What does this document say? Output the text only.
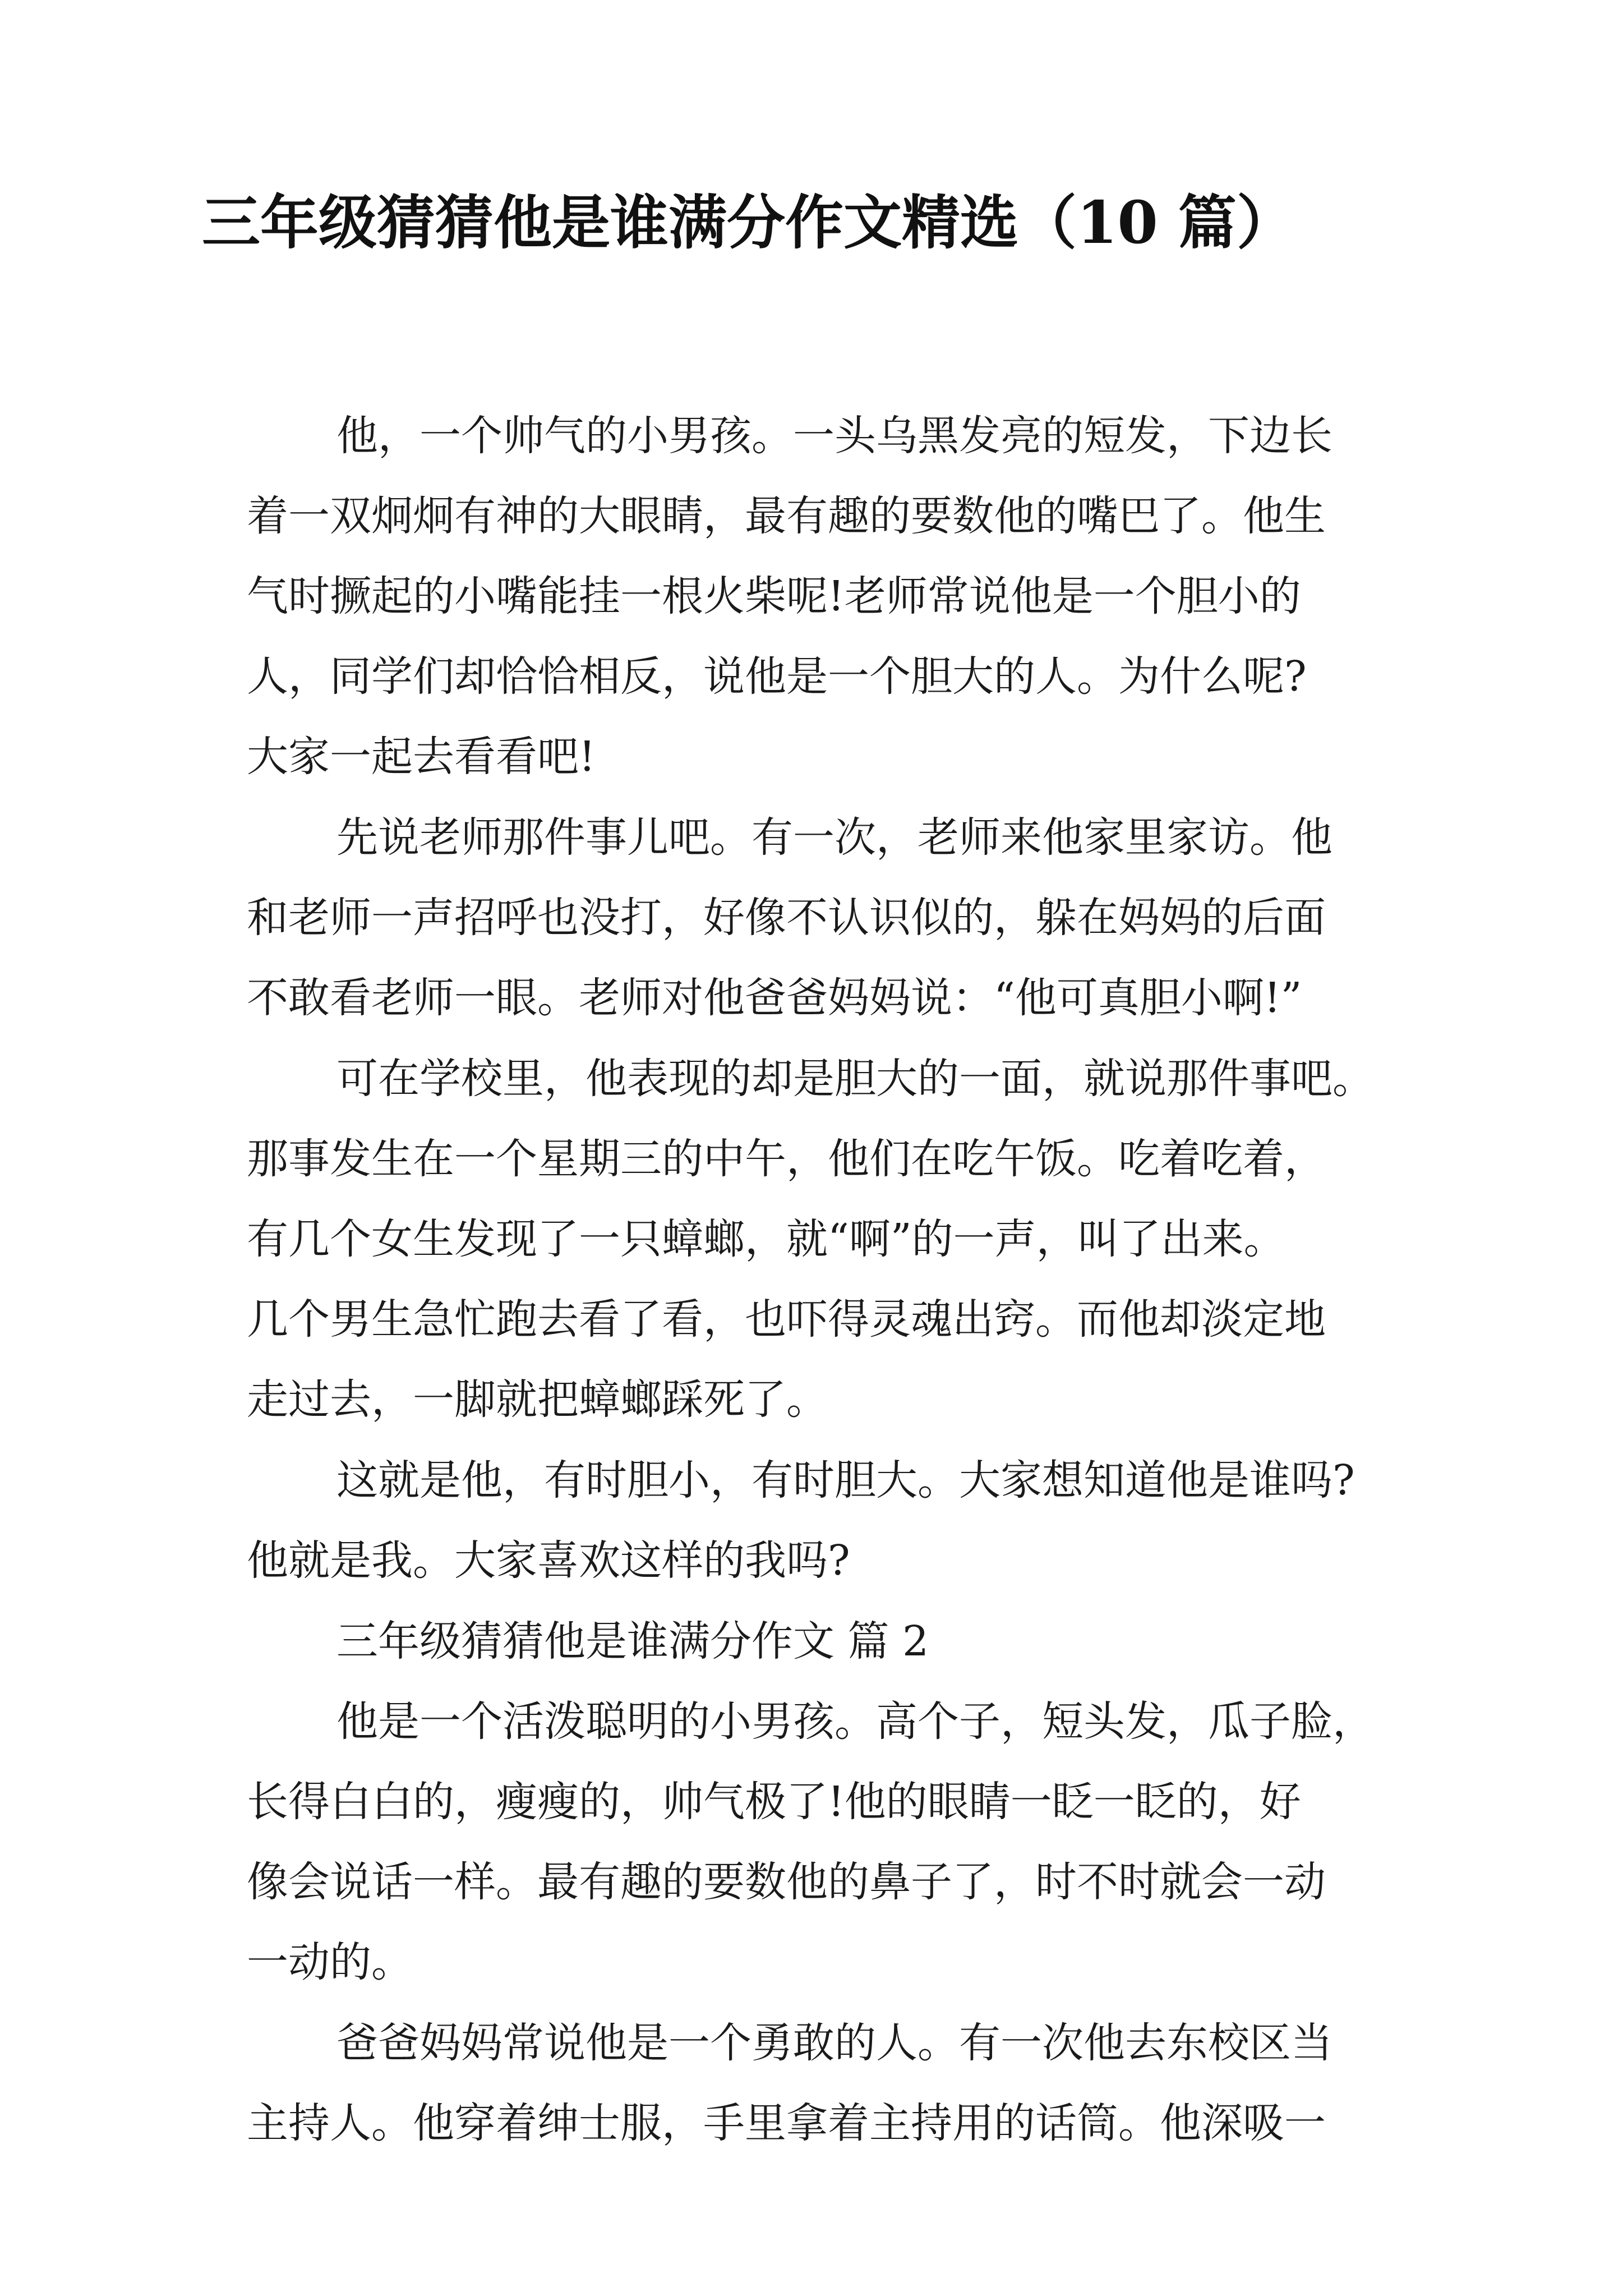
三年级猜猜他是谁满分作文精选（10 篇）
他，一个帅气的小男孩。一头乌黑发亮的短发，下边长
着一双炯炯有神的大眼睛，最有趣的要数他的嘴巴了。他生
气时撅起的小嘴能挂一根火柴呢!老师常说他是一个胆小的
人，同学们却恰恰相反，说他是一个胆大的人。为什么呢?
大家一起去看看吧!
先说老师那件事儿吧。有一次，老师来他家里家访。他
和老师一声招呼也没打，好像不认识似的，躲在妈妈的后面
不敢看老师一眼。老师对他爸爸妈妈说：“他可真胆小啊!”
可在学校里，他表现的却是胆大的一面，就说那件事吧。
那事发生在一个星期三的中午，他们在吃午饭。吃着吃着，
有几个女生发现了一只蟑螂，就“啊”的一声，叫了出来。
几个男生急忙跑去看了看，也吓得灵魂出窍。而他却淡定地
走过去，一脚就把蟑螂踩死了。
这就是他，有时胆小，有时胆大。大家想知道他是谁吗?
他就是我。大家喜欢这样的我吗?
三年级猜猜他是谁满分作文 篇 2
他是一个活泼聪明的小男孩。高个子，短头发，瓜子脸，
长得白白的，瘦瘦的，帅气极了!他的眼睛一眨一眨的，好
像会说话一样。最有趣的要数他的鼻子了，时不时就会一动
一动的。
爸爸妈妈常说他是一个勇敢的人。有一次他去东校区当
主持人。他穿着绅士服，手里拿着主持用的话筒。他深吸一
